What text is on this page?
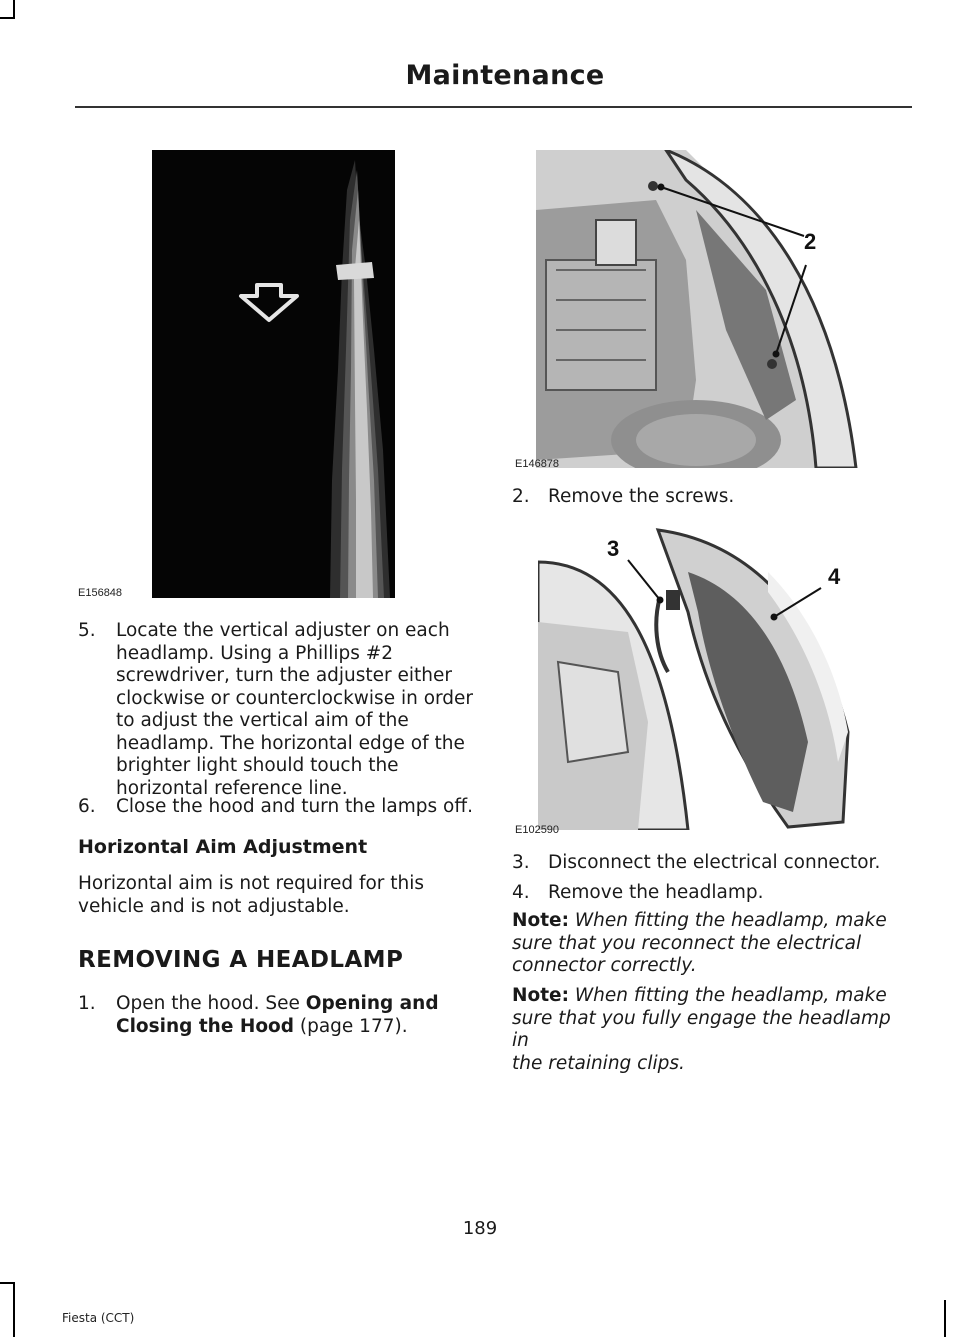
Maintenance
E156848
2
E146878
2. Remove the screws.
3
4
E102590
5. Locate the vertical adjuster on each
headlamp. Using a Phillips #2
screwdriver, turn the adjuster either
clockwise or counterclockwise in order
to adjust the vertical aim of the
headlamp. The horizontal edge of the
brighter light should touch the
horizontal reference line.
6. Close the hood and turn the lamps off.
Horizontal Aim Adjustment
Horizontal aim is not required for this
vehicle and is not adjustable.
REMOVING A HEADLAMP
1. Open the hood. See Opening and
Closing the Hood (page 177).
3. Disconnect the electrical connector.
4. Remove the headlamp.
Note: When fitting the headlamp, make
sure that you reconnect the electrical
connector correctly.
Note: When fitting the headlamp, make
sure that you fully engage the headlamp in
the retaining clips.
189
Fiesta (CCT)
